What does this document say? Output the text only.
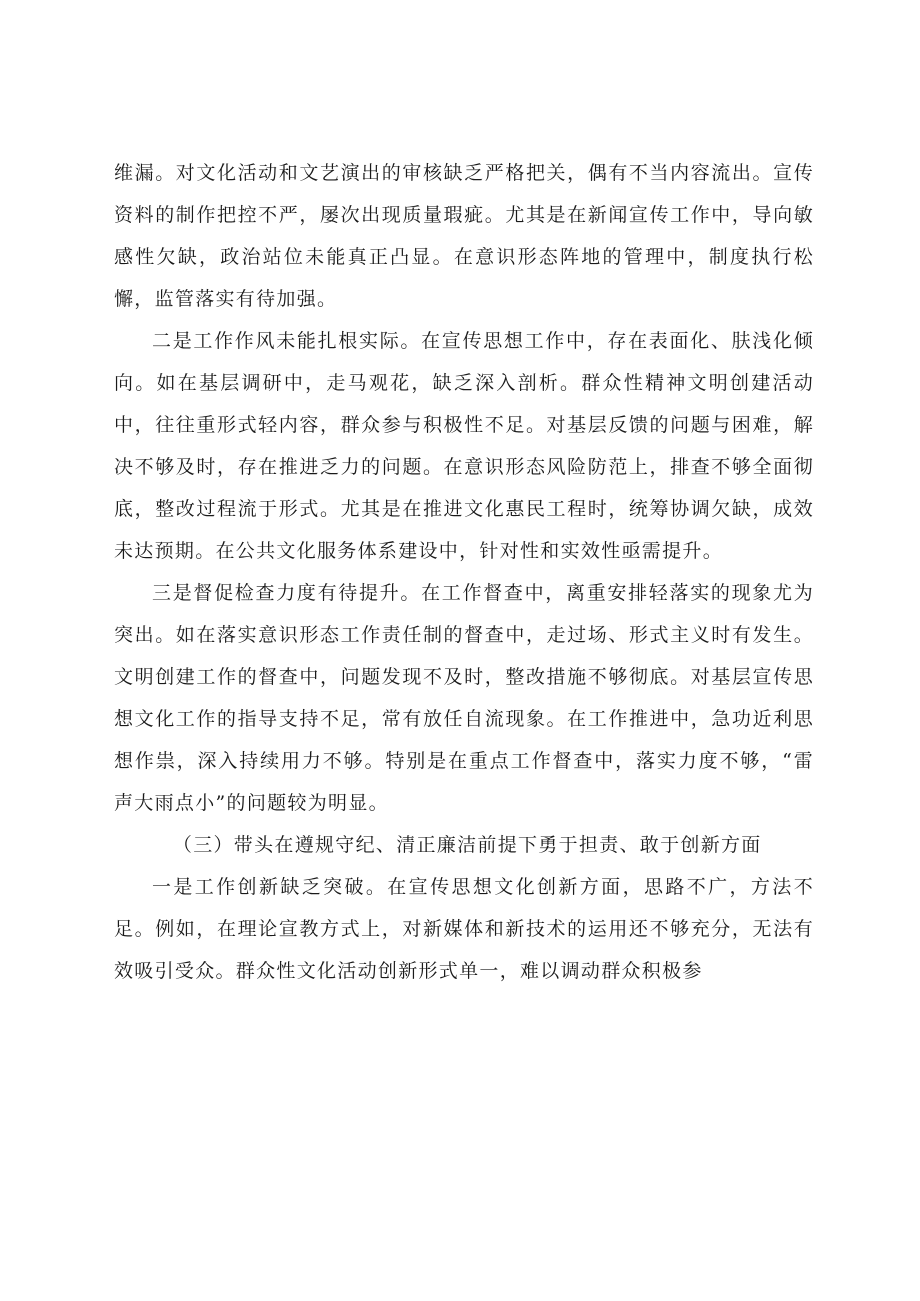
维漏。对文化活动和文艺演出的审核缺乏严格把关，偶有不当内容流出。宣传资料的制作把控不严，屡次出现质量瑕疵。尤其是在新闻宣传工作中，导向敏感性欠缺，政治站位未能真正凸显。在意识形态阵地的管理中，制度执行松懈，监管落实有待加强。

二是工作作风未能扎根实际。在宣传思想工作中，存在表面化、肤浅化倾向。如在基层调研中，走马观花，缺乏深入剖析。群众性精神文明创建活动中，往往重形式轻内容，群众参与积极性不足。对基层反馈的问题与困难，解决不够及时，存在推进乏力的问题。在意识形态风险防范上，排查不够全面彻底，整改过程流于形式。尤其是在推进文化惠民工程时，统筹协调欠缺，成效未达预期。在公共文化服务体系建设中，针对性和实效性亟需提升。

三是督促检查力度有待提升。在工作督查中，离重安排轻落实的现象尤为突出。如在落实意识形态工作责任制的督查中，走过场、形式主义时有发生。文明创建工作的督查中，问题发现不及时，整改措施不够彻底。对基层宣传思想文化工作的指导支持不足，常有放任自流现象。在工作推进中，急功近利思想作祟，深入持续用力不够。特别是在重点工作督查中，落实力度不够，“雷声大雨点小”的问题较为明显。

（三）带头在遵规守纪、清正廉洁前提下勇于担责、敢于创新方面

一是工作创新缺乏突破。在宣传思想文化创新方面，思路不广，方法不足。例如，在理论宣教方式上，对新媒体和新技术的运用还不够充分，无法有效吸引受众。群众性文化活动创新形式单一，难以调动群众积极参
